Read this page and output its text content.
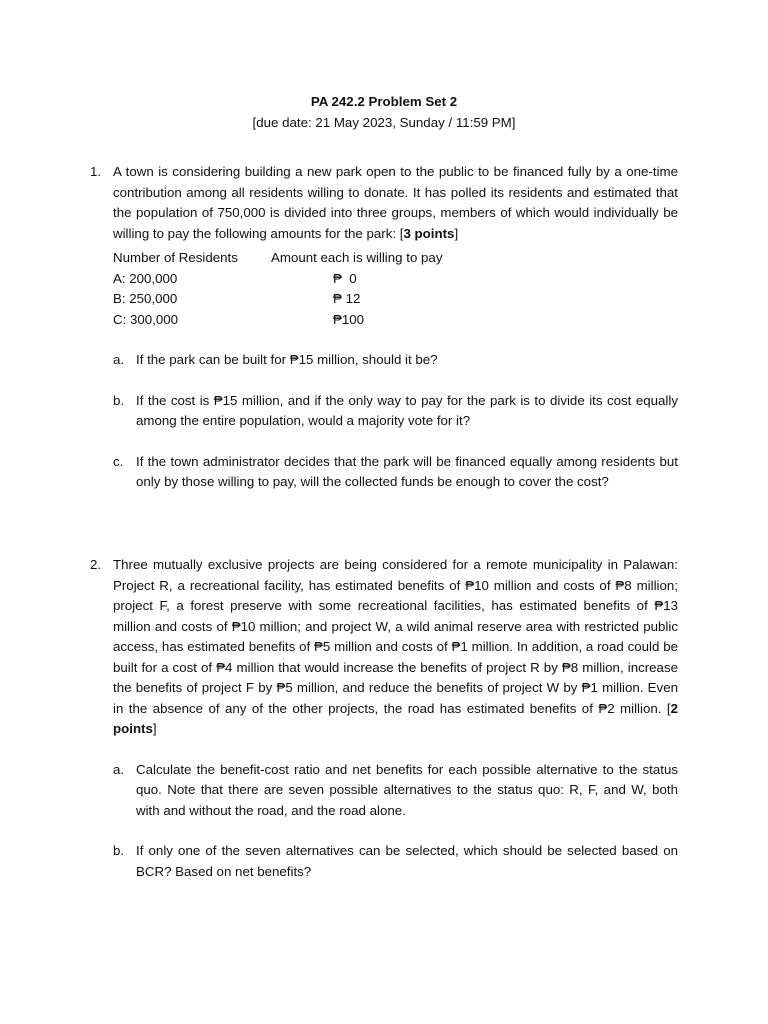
PA 242.2 Problem Set 2
[due date: 21 May 2023, Sunday / 11:59 PM]
1. A town is considering building a new park open to the public to be financed fully by a one-time contribution among all residents willing to donate. It has polled its residents and estimated that the population of 750,000 is divided into three groups, members of which would individually be willing to pay the following amounts for the park: [3 points]
Number of Residents	Amount each is willing to pay
A: 200,000	₱  0
B: 250,000	₱ 12
C: 300,000	₱100
a. If the park can be built for ₱15 million, should it be?
b. If the cost is ₱15 million, and if the only way to pay for the park is to divide its cost equally among the entire population, would a majority vote for it?
c. If the town administrator decides that the park will be financed equally among residents but only by those willing to pay, will the collected funds be enough to cover the cost?
2. Three mutually exclusive projects are being considered for a remote municipality in Palawan: Project R, a recreational facility, has estimated benefits of ₱10 million and costs of ₱8 million; project F, a forest preserve with some recreational facilities, has estimated benefits of ₱13 million and costs of ₱10 million; and project W, a wild animal reserve area with restricted public access, has estimated benefits of ₱5 million and costs of ₱1 million. In addition, a road could be built for a cost of ₱4 million that would increase the benefits of project R by ₱8 million, increase the benefits of project F by ₱5 million, and reduce the benefits of project W by ₱1 million. Even in the absence of any of the other projects, the road has estimated benefits of ₱2 million. [2 points]
a. Calculate the benefit-cost ratio and net benefits for each possible alternative to the status quo. Note that there are seven possible alternatives to the status quo: R, F, and W, both with and without the road, and the road alone.
b. If only one of the seven alternatives can be selected, which should be selected based on BCR? Based on net benefits?
